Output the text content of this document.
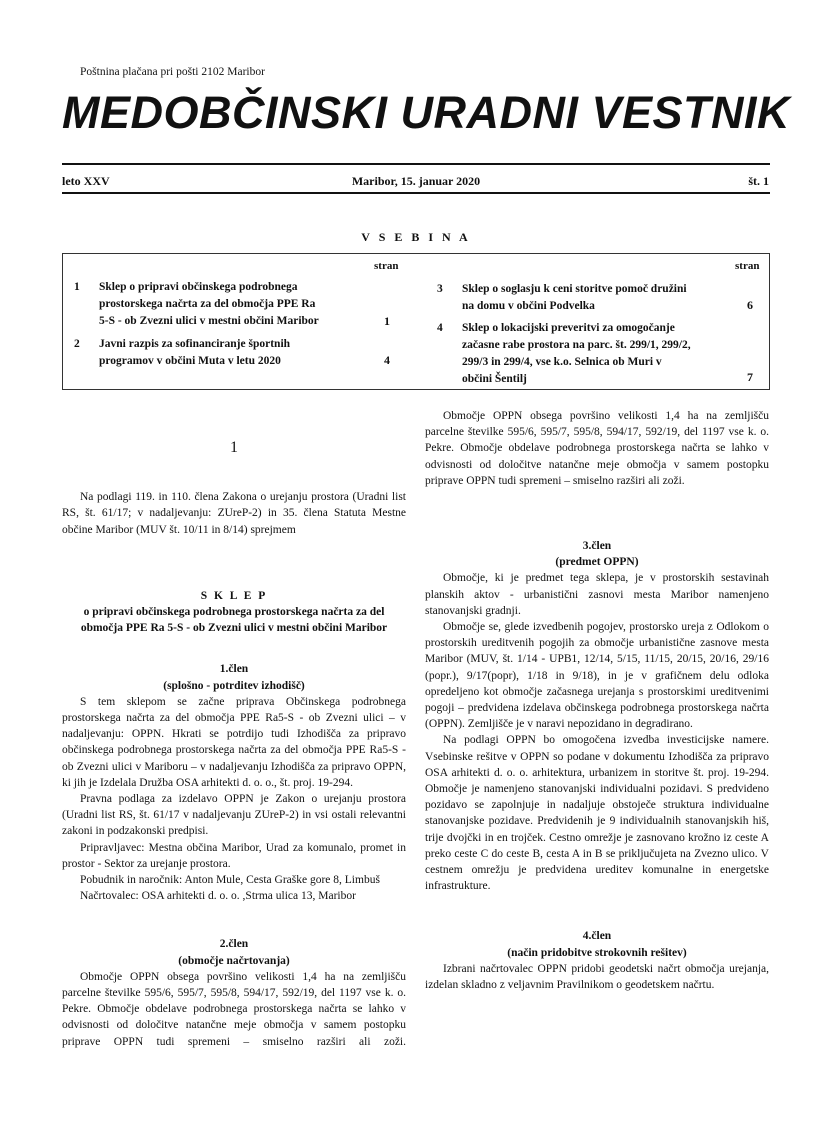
Poštnina plačana pri pošti 2102 Maribor
MEDOBČINSKI URADNI VESTNIK
leto XXV	Maribor, 15. januar 2020	št. 1
V S E B I N A
stran	stran
1 Sklep o pripravi občinskega podrobnega
prostorskega načrta za del območja PPE Ra
5-S - ob Zvezni ulici v mestni občini Maribor	1
2 Javni razpis za sofinanciranje športnih
programov v občini Muta v letu 2020	4
3 Sklep o soglasju k ceni storitve pomoč družini
na domu v občini Podvelka	6
4 Sklep o lokacijski preveritvi za omogočanje
začasne rabe prostora na parc. št. 299/1, 299/2,
299/3 in 299/4, vse k.o. Selnica ob Muri v
občini Šentilj	7
1

Na podlagi 119. in 110. člena Zakona o urejanju prostora (Uradni list RS, št. 61/17; v nadaljevanju: ZUreP-2) in 35. člena Statuta Mestne občine Maribor (MUV št. 10/11 in 8/14) sprejmem

S K L E P

o pripravi občinskega podrobnega prostorskega načrta za del območja PPE Ra 5-S - ob Zvezni ulici v mestni občini Maribor

1.člen

(splošno - potrditev izhodišč)

S tem sklepom se začne priprava Občinskega podrobnega prostorskega načrta za del območja PPE Ra5-S - ob Zvezni ulici – v nadaljevanju: OPPN. Hkrati se potrdijo tudi Izhodišča za pripravo občinskega podrobnega prostorskega načrta za del območja PPE Ra5-S - ob Zvezni ulici v Mariboru – v nadaljevanju Izhodišča za pripravo OPPN, ki jih je Izdelala Družba OSA arhitekti d. o. o., št. proj. 19-294.

Pravna podlaga za izdelavo OPPN je Zakon o urejanju prostora (Uradni list RS, št. 61/17 v nadaljevanju ZUreP-2) in vsi ostali relevantni zakoni in podzakonski predpisi.

Pripravljavec: Mestna občina Maribor, Urad za komunalo, promet in prostor - Sektor za urejanje prostora.

Pobudnik in naročnik: Anton Mule, Cesta Graške gore 8, Limbuš

Načrtovalec: OSA arhitekti d. o. o. ,Strma ulica 13, Maribor

2.člen

(območje načrtovanja)

Območje OPPN obsega površino velikosti 1,4 ha na zemljišču parcelne številke 595/6, 595/7, 595/8, 594/17, 592/19, del 1197 vse k. o. Pekre. Območje obdelave podrobnega prostorskega načrta se lahko v odvisnosti od določitve natančne meje območja v samem postopku priprave OPPN tudi spremeni – smiselno razširi ali zoži.

Območje OPPN obsega površino velikosti 1,4 ha na zemljišču parcelne številke 595/6, 595/7, 595/8, 594/17, 592/19, del 1197 vse k. o. Pekre. Območje obdelave podrobnega prostorskega načrta se lahko v odvisnosti od določitve natančne meje območja v samem postopku priprave OPPN tudi spremeni – smiselno razširi ali zoži.

3.člen

(predmet OPPN)

Območje, ki je predmet tega sklepa, je v prostorskih sestavinah planskih aktov - urbanistični zasnovi mesta Maribor namenjeno stanovanjski gradnji.

Območje se, glede izvedbenih pogojev, prostorsko ureja z Odlokom o prostorskih ureditvenih pogojih za območje urbanistične zasnove mesta Maribor (MUV, št. 1/14 - UPB1, 12/14, 5/15, 11/15, 20/15, 20/16, 29/16 (popr.), 9/17(popr), 1/18 in 9/18), in je v grafičnem delu odloka opredeljeno kot območje začasnega urejanja s prostorskimi ureditvenimi pogoji – predvidena izdelava občinskega podrobnega prostorskega načrta (OPPN). Zemljišče je v naravi nepozidano in degradirano.

Na podlagi OPPN bo omogočena izvedba investicijske namere. Vsebinske rešitve v OPPN so podane v dokumentu Izhodišča za pripravo OSA arhitekti d. o. o. arhitektura, urbanizem in storitve št. proj. 19-294. Območje je namenjeno stanovanjski individualni pozidavi. S predvideno pozidavo se zapolnjuje in nadaljuje obstoječe struktura individualne stanovanjske pozidave. Predvidenih je 9 individualnih stanovanjskih hiš, trije dvojčki in en trojček. Cestno omrežje je zasnovano krožno iz ceste A preko ceste C do ceste B, cesta A in B se priključujeta na Zvezno ulico. V cestnem omrežju je predvidena ureditev komunalne in energetske infrastrukture.

4.člen

(način pridobitve strokovnih rešitev)

Izbrani načrtovalec OPPN pridobi geodetski načrt območja urejanja, izdelan skladno z veljavnim Pravilnikom o geodetskem načrtu.
